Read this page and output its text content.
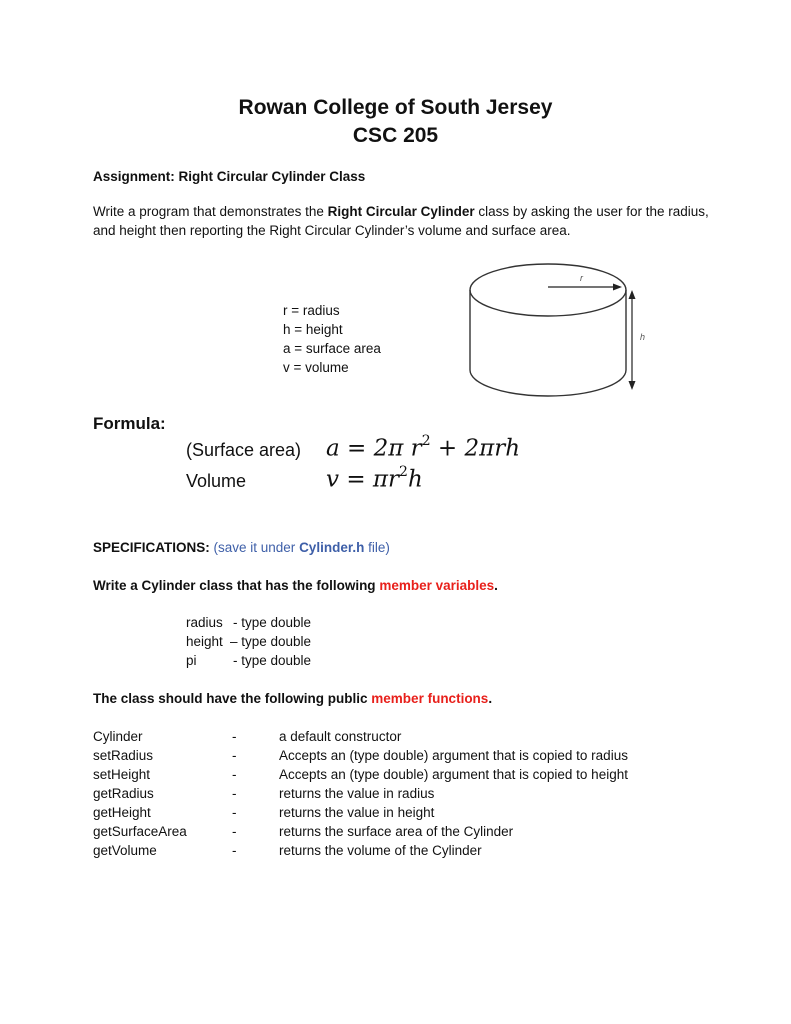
Rowan College of South Jersey
CSC 205
Assignment: Right Circular Cylinder Class
Write a program that demonstrates the Right Circular Cylinder class by asking the user for the radius,
and height then reporting the Right Circular Cylinder’s volume and surface area.
r = radius
h = height
a = surface area
v = volume
r
h
Formula:
(Surface area) a = 2π $r^2 + 2\pi rh$
Volume	$v = \pi r^2h$
SPECIFICATIONS: (save it under Cylinder.h file)
Write a Cylinder class that has the following member variables.
radius - type double
height – type double
pi	- type double
The class should have the following public member functions.
Cylinder	-	a default constructor
setRadius	-	Accepts an (type double) argument that is copied to radius
setHeight	-	Accepts an (type double) argument that is copied to height
getRadius	-	returns the value in radius
getHeight	-	returns the value in height
getSurfaceArea	-	returns the surface area of the Cylinder
getVolume	-	returns the volume of the Cylinder
